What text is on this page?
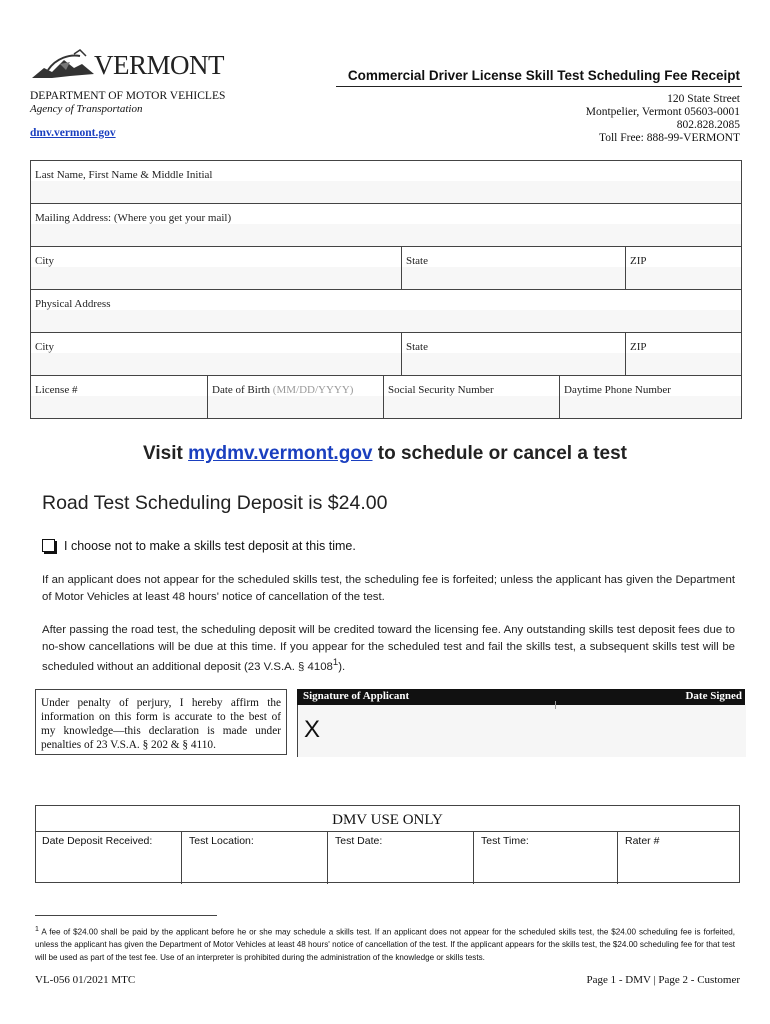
VERMONT	Commercial Driver License Skill Test Scheduling Fee Receipt
DEPARTMENT OF MOTOR VEHICLES
Agency of Transportation
dmv.vermont.gov
120 State Street
Montpelier, Vermont 05603-0001
802.828.2085
Toll Free: 888-99-VERMONT
Last Name, First Name & Middle Initial
Mailing Address: (Where you get your mail)
City	State	ZIP
Physical Address
City	State	ZIP
License #	Date of Birth (MM/DD/YYYY)	Social Security Number	Daytime Phone Number
Visit mydmv.vermont.gov to schedule or cancel a test
Road Test Scheduling Deposit is $24.00
I choose not to make a skills test deposit at this time.
If an applicant does not appear for the scheduled skills test, the scheduling fee is forfeited; unless the applicant has given the Department of Motor Vehicles at least 48 hours' notice of cancellation of the test.
After passing the road test, the scheduling deposit will be credited toward the licensing fee. Any outstanding skills test deposit fees due to no-show cancellations will be due at this time. If you appear for the scheduled test and fail the skills test, a subsequent skills test will be scheduled without an additional deposit (23 V.S.A. § 4108$^1$).
Under penalty of perjury, I hereby affirm the information on this form is accurate to the best of my knowledge—this declaration is made under penalties of 23 V.S.A. § 202 & § 4110.
Signature of Applicant	Date Signed
X
DMV USE ONLY
Date Deposit Received:	Test Location:	Test Date:	Test Time:	Rater #
$^1$ A fee of $24.00 shall be paid by the applicant before he or she may schedule a skills test. If an applicant does not appear for the scheduled skills test, the $24.00 scheduling fee is forfeited, unless the applicant has given the Department of Motor Vehicles at least 48 hours' notice of cancellation of the test. If the applicant appears for the skills test, the $24.00 scheduling fee for that test will be used as part of the test fee. Use of an interpreter is prohibited during the administration of the knowledge or skills tests.
VL-056 01/2021 MTC	Page 1 - DMV | Page 2 - Customer
